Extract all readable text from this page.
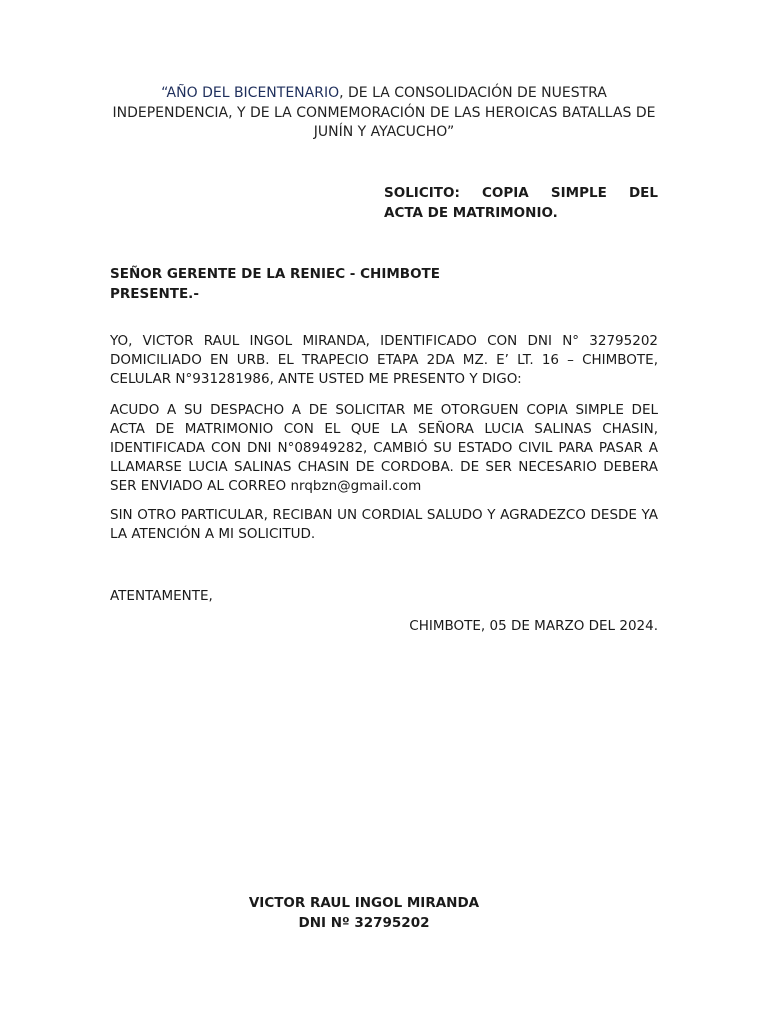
“AÑO DEL BICENTENARIO, DE LA CONSOLIDACIÓN DE NUESTRA INDEPENDENCIA, Y DE LA CONMEMORACIÓN DE LAS HEROICAS BATALLAS DE JUNÍN Y AYACUCHO”
SOLICITO: COPIA SIMPLE DEL
ACTA DE MATRIMONIO.
SEÑOR GERENTE DE LA RENIEC - CHIMBOTE
PRESENTE.-
YO, VICTOR RAUL INGOL MIRANDA, IDENTIFICADO CON DNI N° 32795202 DOMICILIADO EN URB. EL TRAPECIO ETAPA 2DA MZ. E’ LT. 16 – CHIMBOTE, CELULAR N°931281986, ANTE USTED ME PRESENTO Y DIGO:
ACUDO A SU DESPACHO A DE SOLICITAR ME OTORGUEN COPIA SIMPLE DEL ACTA DE MATRIMONIO CON EL QUE LA SEÑORA LUCIA SALINAS CHASIN, IDENTIFICADA CON DNI N°08949282, CAMBIÓ SU ESTADO CIVIL PARA PASAR A LLAMARSE LUCIA SALINAS CHASIN DE CORDOBA. DE SER NECESARIO DEBERA SER ENVIADO AL CORREO nrqbzn@gmail.com
SIN OTRO PARTICULAR, RECIBAN UN CORDIAL SALUDO Y AGRADEZCO DESDE YA LA ATENCIÓN A MI SOLICITUD.
ATENTAMENTE,
CHIMBOTE, 05 DE MARZO DEL 2024.
VICTOR RAUL INGOL MIRANDA
DNI Nº 32795202
